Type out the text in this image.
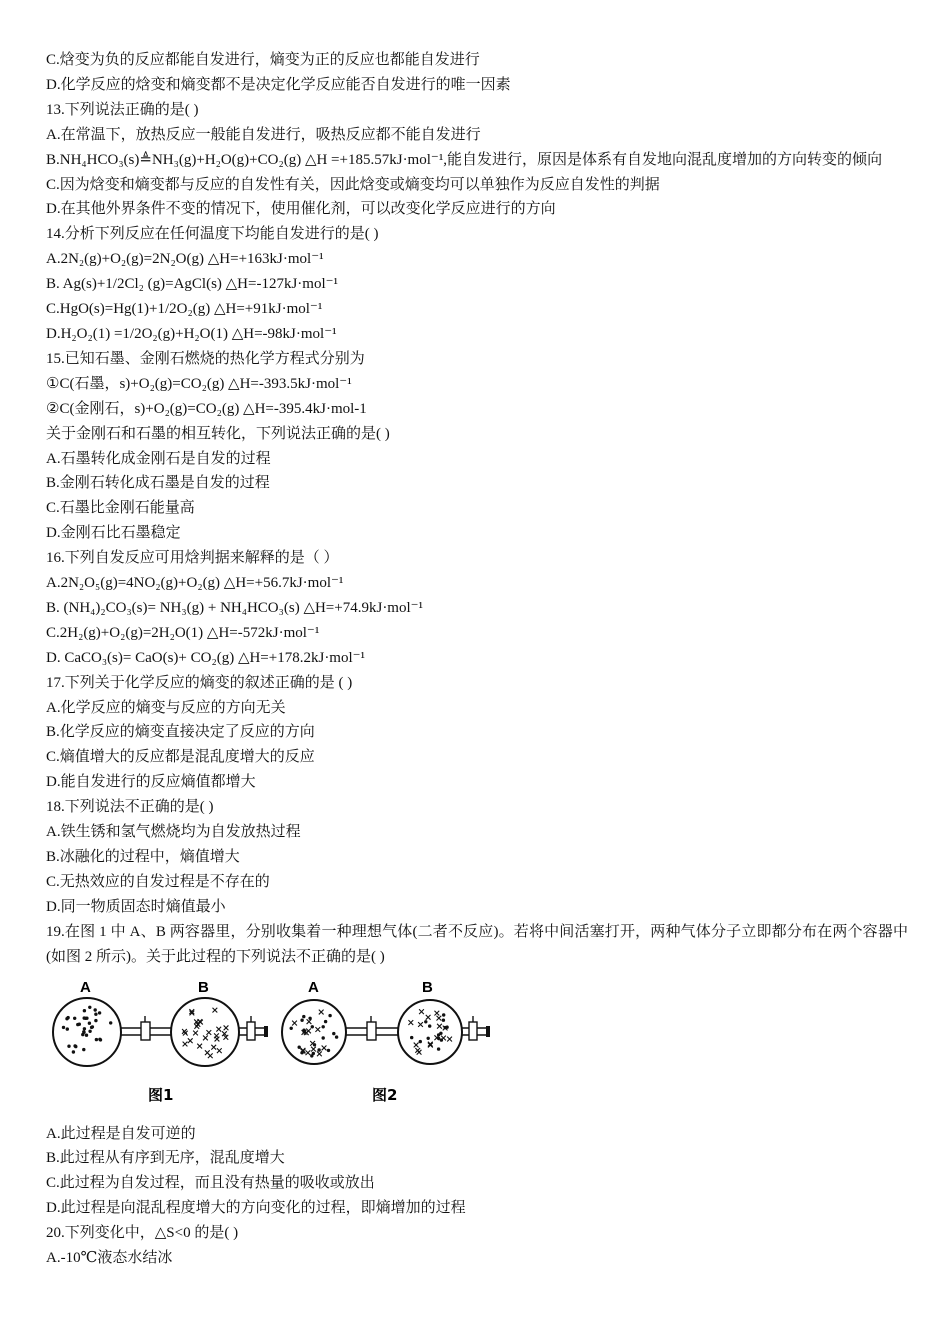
C.焓变为负的反应都能自发进行，熵变为正的反应也都能自发进行
D.化学反应的焓变和熵变都不是决定化学反应能否自发进行的唯一因素
13.下列说法正确的是( )
A.在常温下，放热反应一般能自发进行，吸热反应都不能自发进行
B.NH₄HCO₃(s)≜NH₃(g)+H₂O(g)+CO₂(g) △H =+185.57kJ·mol⁻¹,能自发进行，原因是体系有自发地向混乱度增加的方向转变的倾向
C.因为焓变和熵变都与反应的自发性有关，因此焓变或熵变均可以单独作为反应自发性的判据
D.在其他外界条件不变的情况下，使用催化剂，可以改变化学反应进行的方向
14.分析下列反应在任何温度下均能自发进行的是( )
A.2N₂(g)+O₂(g)=2N₂O(g) △H=+163kJ·mol⁻¹
B. Ag(s)+1/2Cl₂ (g)=AgCl(s) △H=-127kJ·mol⁻¹
C.HgO(s)=Hg(1)+1/2O₂(g) △H=+91kJ·mol⁻¹
D.H₂O₂(1) =1/2O₂(g)+H₂O(1) △H=-98kJ·mol⁻¹
15.已知石墨、金刚石燃烧的热化学方程式分别为
①C(石墨，s)+O₂(g)=CO₂(g) △H=-393.5kJ·mol⁻¹
②C(金刚石，s)+O₂(g)=CO₂(g) △H=-395.4kJ·mol-1
关于金刚石和石墨的相互转化，下列说法正确的是( )
A.石墨转化成金刚石是自发的过程
B.金刚石转化成石墨是自发的过程
C.石墨比金刚石能量高
D.金刚石比石墨稳定
16.下列自发反应可用焓判据来解释的是（ ）
A.2N₂O₅(g)=4NO₂(g)+O₂(g) △H=+56.7kJ·mol⁻¹
B. (NH₄)₂CO₃(s)= NH₃(g) + NH₄HCO₃(s) △H=+74.9kJ·mol⁻¹
C.2H₂(g)+O₂(g)=2H₂O(1) △H=-572kJ·mol⁻¹
D. CaCO₃(s)= CaO(s)+ CO₂(g) △H=+178.2kJ·mol⁻¹
17.下列关于化学反应的熵变的叙述正确的是 ( )
A.化学反应的熵变与反应的方向无关
B.化学反应的熵变直接决定了反应的方向
C.熵值增大的反应都是混乱度增大的反应
D.能自发进行的反应熵值都增大
18.下列说法不正确的是( )
A.铁生锈和氢气燃烧均为自发放热过程
B.冰融化的过程中，熵值增大
C.无热效应的自发过程是不存在的
D.同一物质固态时熵值最小
19.在图 1 中 A、B 两容器里，分别收集着一种理想气体(二者不反应)。若将中间活塞打开，两种气体分子立即都分布在两个容器中(如图 2 所示)。关于此过程的下列说法不正确的是( )
A	B
图1
A	B
图2
A.此过程是自发可逆的
B.此过程从有序到无序，混乱度增大
C.此过程为自发过程，而且没有热量的吸收或放出
D.此过程是向混乱程度增大的方向变化的过程，即熵增加的过程
20.下列变化中，△S<0 的是( )
A.-10℃液态水结冰
